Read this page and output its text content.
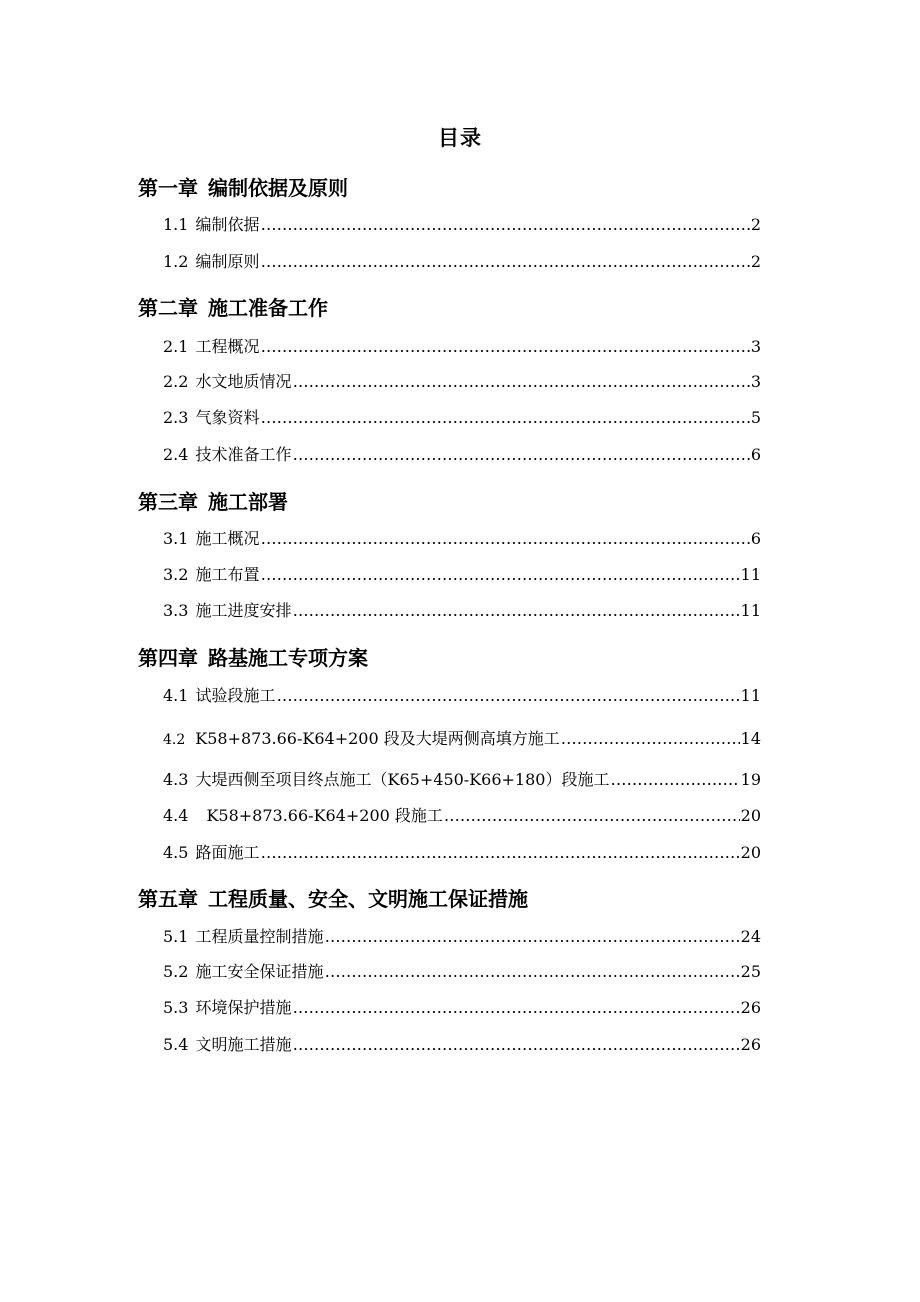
目录
第一章 编制依据及原则
1.1 编制依据 …………………………………………………………………………………………………………………………………………	2
1.2 编制原则 …………………………………………………………………………………………………………………………………………	2
第二章 施工准备工作
2.1 工程概况 …………………………………………………………………………………………………………………………………………	3
2.2 水文地质情况 …………………………………………………………………………………………………………………………………………	3
2.3 气象资料 …………………………………………………………………………………………………………………………………………	5
2.4 技术准备工作 …………………………………………………………………………………………………………………………………………	6
第三章 施工部署
3.1 施工概况 …………………………………………………………………………………………………………………………………………	6
3.2 施工布置 …………………………………………………………………………………………………………………………………………	11
3.3 施工进度安排 …………………………………………………………………………………………………………………………………………	11
第四章 路基施工专项方案
4.1 试验段施工 …………………………………………………………………………………………………………………………………………	11
4.2 K58+873.66-K64+200 段及大堤两侧高填方施工 …………………………………………………………………………………………………………………………………………	14
4.3 大堤西侧至项目终点施工（K65+450-K66+180）段施工 …………………………………………………………………………………………………………………………………………	19
4.4 K58+873.66-K64+200 段施工 …………………………………………………………………………………………………………………………………………	20
4.5 路面施工 …………………………………………………………………………………………………………………………………………	20
第五章 工程质量、安全、文明施工保证措施
5.1 工程质量控制措施 …………………………………………………………………………………………………………………………………………	24
5.2 施工安全保证措施 …………………………………………………………………………………………………………………………………………	25
5.3 环境保护措施 …………………………………………………………………………………………………………………………………………	26
5.4 文明施工措施 …………………………………………………………………………………………………………………………………………	26
